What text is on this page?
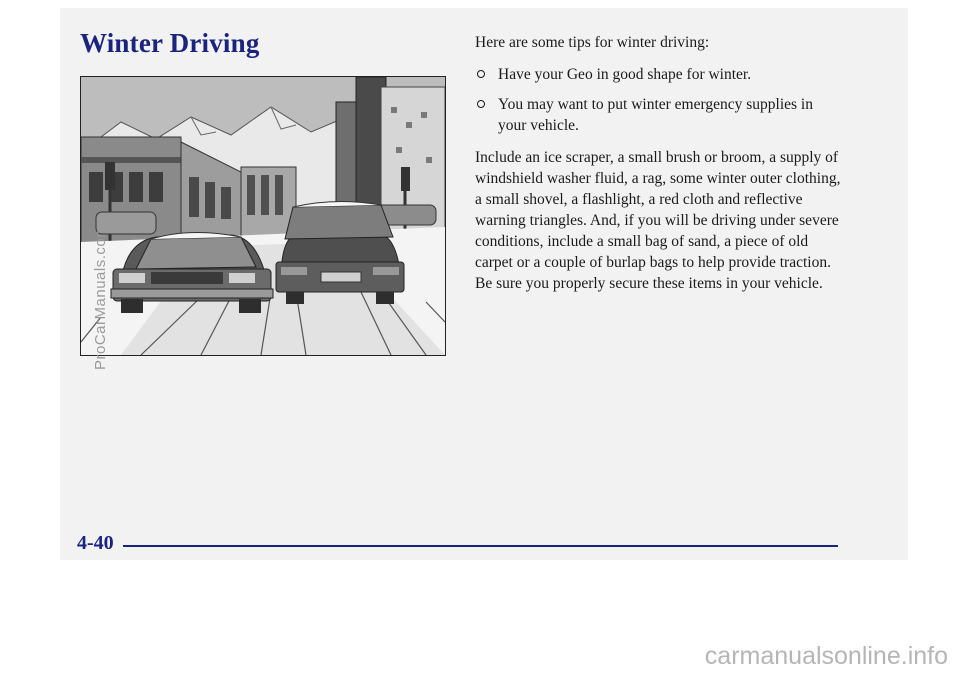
Winter Driving	Here are some tips for winter driving:

Have your Geo in good shape for winter.
You may want to put winter emergency supplies in your vehicle.

Include an ice scraper, a small brush or broom, a supply of windshield washer fluid, a rag, some winter outer clothing, a small shovel, a flashlight, a red cloth and reflective warning triangles. And, if you will be driving under severe conditions, include a small bag of sand, a piece of old carpet or a couple of burlap bags to help provide traction. Be sure you properly secure these items in your vehicle.

4-40
ProCarManuals.com
carmanualsonline.info
